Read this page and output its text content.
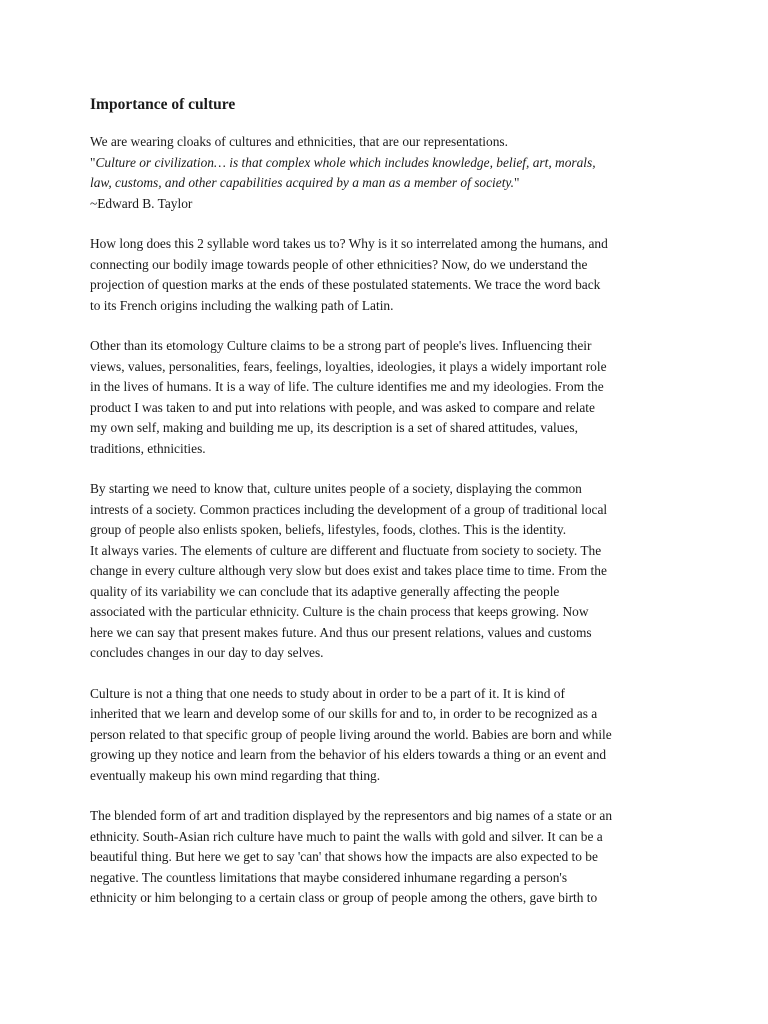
Importance of culture
We are wearing cloaks of cultures and ethnicities, that are our representations.
"Culture or civilization… is that complex whole which includes knowledge, belief, art, morals,
law, customs, and other capabilities acquired by a man as a member of society."
~Edward B. Taylor
How long does this 2 syllable word takes us to? Why is it so interrelated among the humans, and
connecting our bodily image towards people of other ethnicities? Now, do we understand the
projection of question marks at the ends of these postulated statements. We trace the word back
to its French origins including the walking path of Latin.
Other than its etomology Culture claims to be a strong part of people's lives. Influencing their
views, values, personalities, fears, feelings, loyalties, ideologies, it plays a widely important role
in the lives of humans. It is a way of life. The culture identifies me and my ideologies. From the
product I was taken to and put into relations with people, and was asked to compare and relate
my own self, making and building me up, its description is a set of shared attitudes, values,
traditions, ethnicities.
By starting we need to know that, culture unites people of a society, displaying the common
intrests of a society. Common practices including the development of a group of traditional local
group of people also enlists spoken, beliefs, lifestyles, foods, clothes. This is the identity.
It always varies. The elements of culture are different and fluctuate from society to society. The
change in every culture although very slow but does exist and takes place time to time. From the
quality of its variability we can conclude that its adaptive generally affecting the people
associated with the particular ethnicity. Culture is the chain process that keeps growing. Now
here we can say that present makes future. And thus our present relations, values and customs
concludes changes in our day to day selves.
Culture is not a thing that one needs to study about in order to be a part of it. It is kind of
inherited that we learn and develop some of our skills for and to, in order to be recognized as a
person related to that specific group of people living around the world. Babies are born and while
growing up they notice and learn from the behavior of his elders towards a thing or an event and
eventually makeup his own mind regarding that thing.
The blended form of art and tradition displayed by the representors and big names of a state or an
ethnicity. South-Asian rich culture have much to paint the walls with gold and silver. It can be a
beautiful thing. But here we get to say 'can' that shows how the impacts are also expected to be
negative. The countless limitations that maybe considered inhumane regarding a person's
ethnicity or him belonging to a certain class or group of people among the others, gave birth to
